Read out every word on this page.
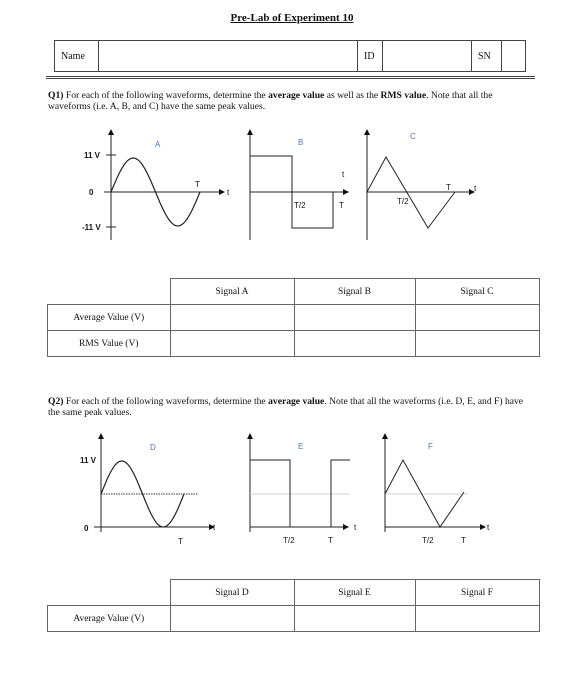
Pre-Lab of Experiment 10
Name		ID		SN	
Q1) For each of the following waveforms, determine the average value as well as the RMS value. Note that all the waveforms (i.e. A, B, and C) have the same peak values.
A
11 V
0
-11 V
T
t
B
T/2	T
t
C
T/2
T	t
	Signal A	Signal B	Signal C
Average Value (V)			
RMS Value (V)			
Q2) For each of the following waveforms, determine the average value. Note that all the waveforms (i.e. D, E, and F) have the same peak values.
D
11 V
0
T
t
E
T/2	T
t
F
T/2	T
t
	Signal D	Signal E	Signal F
Average Value (V)			
